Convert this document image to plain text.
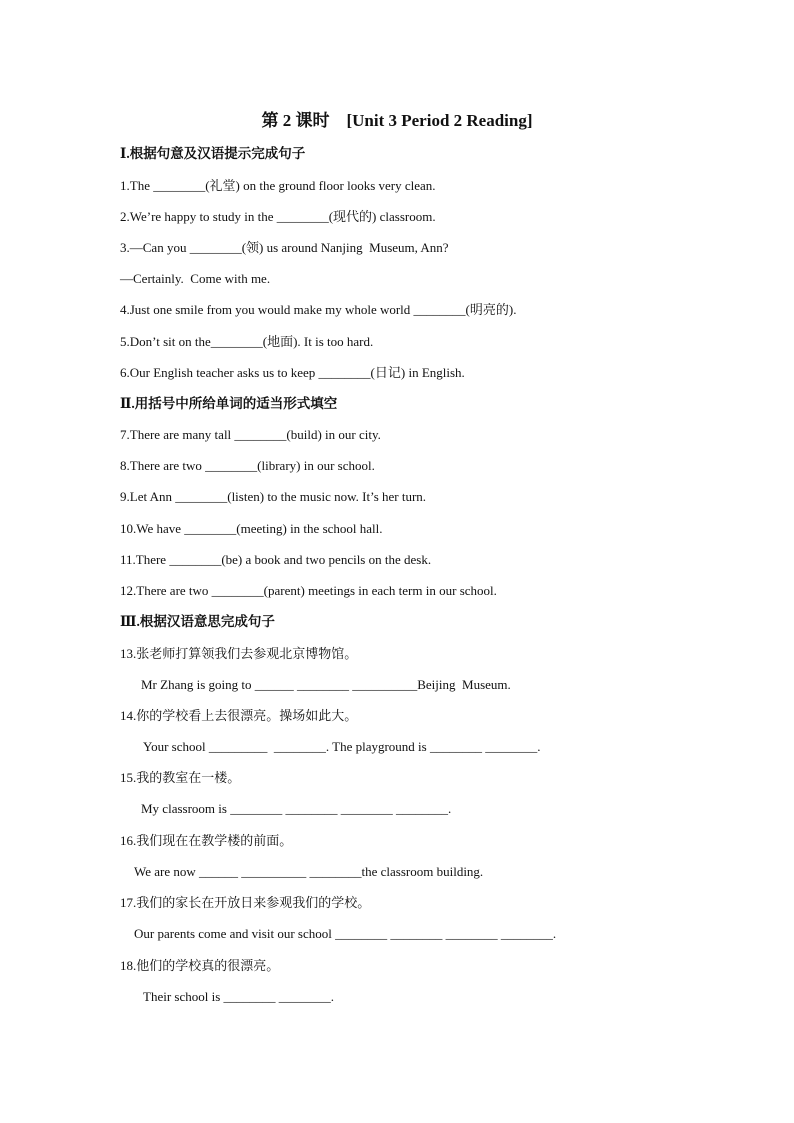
第 2 课时    [Unit 3 Period 2 Reading]
Ⅰ.根据句意及汉语提示完成句子
1.The ________(礼堂) on the ground floor looks very clean.
2.We’re happy to study in the ________(现代的) classroom.
3.—Can you ________(领) us around Nanjing  Museum, Ann?
—Certainly.  Come with me.
4.Just one smile from you would make my whole world ________(明亮的).
5.Don’t sit on the________(地面). It is too hard.
6.Our English teacher asks us to keep ________(日记) in English.
Ⅱ.用括号中所给单词的适当形式填空
7.There are many tall ________(build) in our city.
8.There are two ________(library) in our school.
9.Let Ann ________(listen) to the music now. It’s her turn.
10.We have ________(meeting) in the school hall.
11.There ________(be) a book and two pencils on the desk.
12.There are two ________(parent) meetings in each term in our school.
Ⅲ.根据汉语意思完成句子
13.张老师打算领我们去参观北京博物馆。
Mr Zhang is going to ______ ________ __________Beijing  Museum.
14.你的学校看上去很漂亮。操场如此大。
Your school _________  ________. The playground is ________ ________.
15.我的教室在一楼。
My classroom is ________ ________ ________ ________.
16.我们现在在教学楼的前面。
We are now ______ __________ ________the classroom building.
17.我们的家长在开放日来参观我们的学校。
Our parents come and visit our school ________ ________ ________ ________.
18.他们的学校真的很漂亮。
Their school is ________ ________.
